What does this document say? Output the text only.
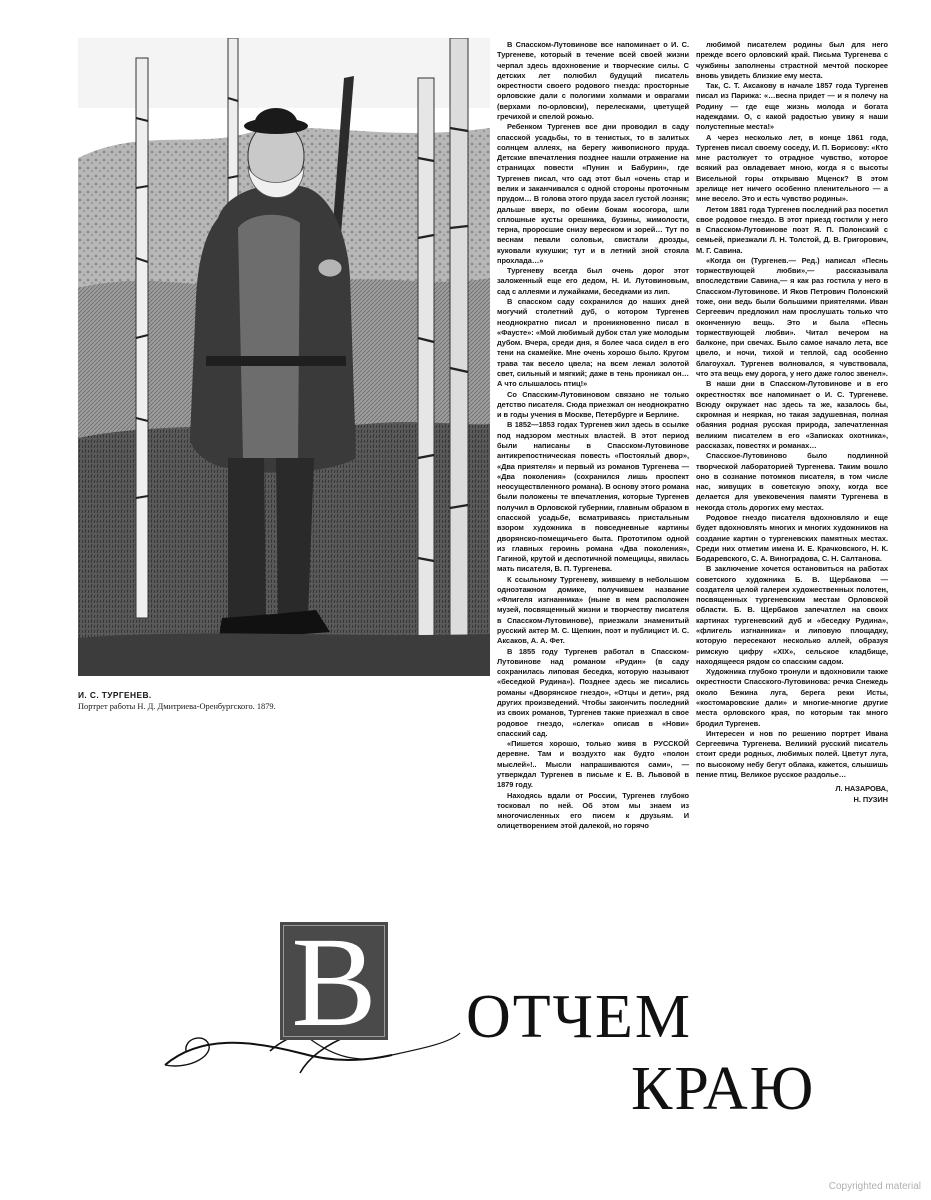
И. С. ТУРГЕНЕВ.
Портрет работы Н. Д. Дмитриева-Оренбургского. 1879.

В Спасском-Лутовинове все напоминает о И. С. Тургеневе, который в течение всей своей жизни черпал здесь вдохновение и творческие силы. С детских лет полюбил будущий писатель окрестности своего родового гнезда: просторные орловские дали с пологими холмами и оврагами (верхами по-орловски), перелесками, цветущей гречихой и спелой рожью.

Ребенком Тургенев все дни проводил в саду спасской усадьбы, то в тенистых, то в залитых солнцем аллеях, на берегу живописного пруда. Детские впечатления позднее нашли отражение на страницах повести «Пунин и Бабурин», где Тургенев писал, что сад этот был «очень стар и велик и заканчивался с одной стороны проточным прудом… В голова этого пруда засел густой лозняк; дальше вверх, по обеим бокам косогора, шли сплошные кусты орешника, бузины, жимолости, терна, проросшие снизу вереском и зорей… Тут по веснам певали соловьи, свистали дрозды, куковали кукушки; тут и в летний зной стояла прохлада…»

Тургеневу всегда был очень дорог этот заложенный еще его дедом, Н. И. Лутовиновым, сад с аллеями и лужайками, беседками из лип.

В спасском саду сохранился до наших дней могучий столетний дуб, о котором Тургенев неоднократно писал и проникновенно писал в «Фаусте»: «Мой любимый дубок стал уже молодым дубом. Вчера, среди дня, я более часа сидел в его тени на скамейке. Мне очень хорошо было. Кругом трава так весело цвела; на всем лежал золотой свет, сильный и мягкий; даже в тень проникал он… А что слышалось птиц!»

Со Спасским-Лутовиновом связано не только детство писателя. Сюда приезжал он неоднократно и в годы учения в Москве, Петербурге и Берлине.

В 1852—1853 годах Тургенев жил здесь в ссылке под надзором местных властей. В этот период были написаны в Спасском-Лутовинове антикрепостническая повесть «Постоялый двор», «Два приятеля» и первый из романов Тургенева — «Два поколения» (сохранился лишь проспект неосуществленного романа). В основу этого романа были положены те впечатления, которые Тургенев получил в Орловской губернии, главным образом в спасской усадьбе, всматриваясь пристальным взором художника в повседневные картины дворянско-помещичьего быта. Прототипом одной из главных героинь романа «Два поколения», Гагиной, крутой и деспотичной помещицы, явилась мать писателя, В. П. Тургенева.

К ссыльному Тургеневу, жившему в небольшом одноэтажном домике, получившем название «Флигеля изгнанника» (ныне в нем расположен музей, посвященный жизни и творчеству писателя в Спасском-Лутовинове), приезжали знаменитый русский актер М. С. Щепкин, поэт и публицист И. С. Аксаков, А. А. Фет.

В 1855 году Тургенев работал в Спасском-Лутовинове над романом «Рудин» (в саду сохранилась липовая беседка, которую называют «беседкой Рудина»). Позднее здесь же писались романы «Дворянское гнездо», «Отцы и дети», ряд других произведений. Чтобы закончить последний из своих романов, Тургенев также приезжал в свое родовое гнездо, «слегка» описав в «Нови» спасский сад.

«Пишется хорошо, только живя в РУССКОЙ деревне. Там и воздухто как будто «полон мыслей»!.. Мысли напрашиваются сами», — утверждал Тургенев в письме к Е. В. Львовой в 1879 году.

Находясь вдали от России, Тургенев глубоко тосковал по ней. Об этом мы знаем из многочисленных его писем к друзьям. И олицетворением этой далекой, но горячо

любимой писателем родины был для него прежде всего орловский край. Письма Тургенева с чужбины заполнены страстной мечтой поскорее вновь увидеть близкие ему места.

Так, С. Т. Аксакову в начале 1857 года Тургенев писал из Парижа: «…весна придет — и я полечу на Родину — где еще жизнь молода и богата надеждами. О, с какой радостью увижу я наши полустепные места!»

А через несколько лет, в конце 1861 года, Тургенев писал своему соседу, И. П. Борисову: «Кто мне растолкует то отрадное чувство, которое всякий раз овладевает мною, когда я с высоты Висельной горы открываю Мценск? В этом зрелище нет ничего особенно пленительного — а мне весело. Это и есть чувство родины».

Летом 1881 года Тургенев последний раз посетил свое родовое гнездо. В этот приезд гостили у него в Спасском-Лутовинове поэт Я. П. Полонский с семьей, приезжали Л. Н. Толстой, Д. В. Григорович, М. Г. Савина.

«Когда он (Тургенев.— Ред.) написал «Песнь торжествующей любви»,— рассказывала впоследствии Савина,— я как раз гостила у него в Спасском-Лутовинове. И Яков Петрович Полонский тоже, они ведь были большими приятелями. Иван Сергеевич предложил нам прослушать только что оконченную вещь. Это и была «Песнь торжествующей любви». Читал вечером на балконе, при свечах. Было самое начало лета, все цвело, и ночи, тихой и теплой, сад особенно благоухал. Тургенев волновался, я чувствовала, что эта вещь ему дорога, у него даже голос звенел».

В наши дни в Спасском-Лутовинове и в его окрестностях все напоминает о И. С. Тургеневе. Всюду окружает нас здесь та же, казалось бы, скромная и неяркая, но такая задушевная, полная обаяния родная русская природа, запечатленная великим писателем в его «Записках охотника», рассказах, повестях и романах…

Спасское-Лутовиново было подлинной творческой лабораторией Тургенева. Таким вошло оно в сознание потомков писателя, в том числе нас, живущих в советскую эпоху, когда все делается для увековечения памяти Тургенева в некогда столь дорогих ему местах.

Родовое гнездо писателя вдохновляло и еще будет вдохновлять многих и многих художников на создание картин о тургеневских памятных местах. Среди них отметим имена И. Е. Крачковского, Н. К. Бодаревского, С. А. Виноградова, С. Н. Салтанова.

В заключение хочется остановиться на работах советского художника Б. В. Щербакова — создателя целой галереи художественных полотен, посвященных тургеневским местам Орловской области. Б. В. Щербаков запечатлел на своих картинах тургеневский дуб и «беседку Рудина», «флигель изгнанника» и липовую площадку, которую пересекают несколько аллей, образуя римскую цифру «XIX», сельское кладбище, находящееся рядом со спасским садом.

Художника глубоко тронули и вдохновили также окрестности Спасского-Лутовинова: речка Снежедь около Бежина луга, берега реки Исты, «костомаровские дали» и многие-многие другие места орловского края, по которым так много бродил Тургенев.

Интересен и нов по решению портрет Ивана Сергеевича Тургенева. Великий русский писатель стоит среди родных, любимых полей. Цветут луга, по высокому небу бегут облака, кажется, слышишь пение птиц. Великое русское раздолье…

Л. НАЗАРОВА,
Н. ПУЗИН

В ОТЧЕМ
КРАЮ
Copyrighted material
